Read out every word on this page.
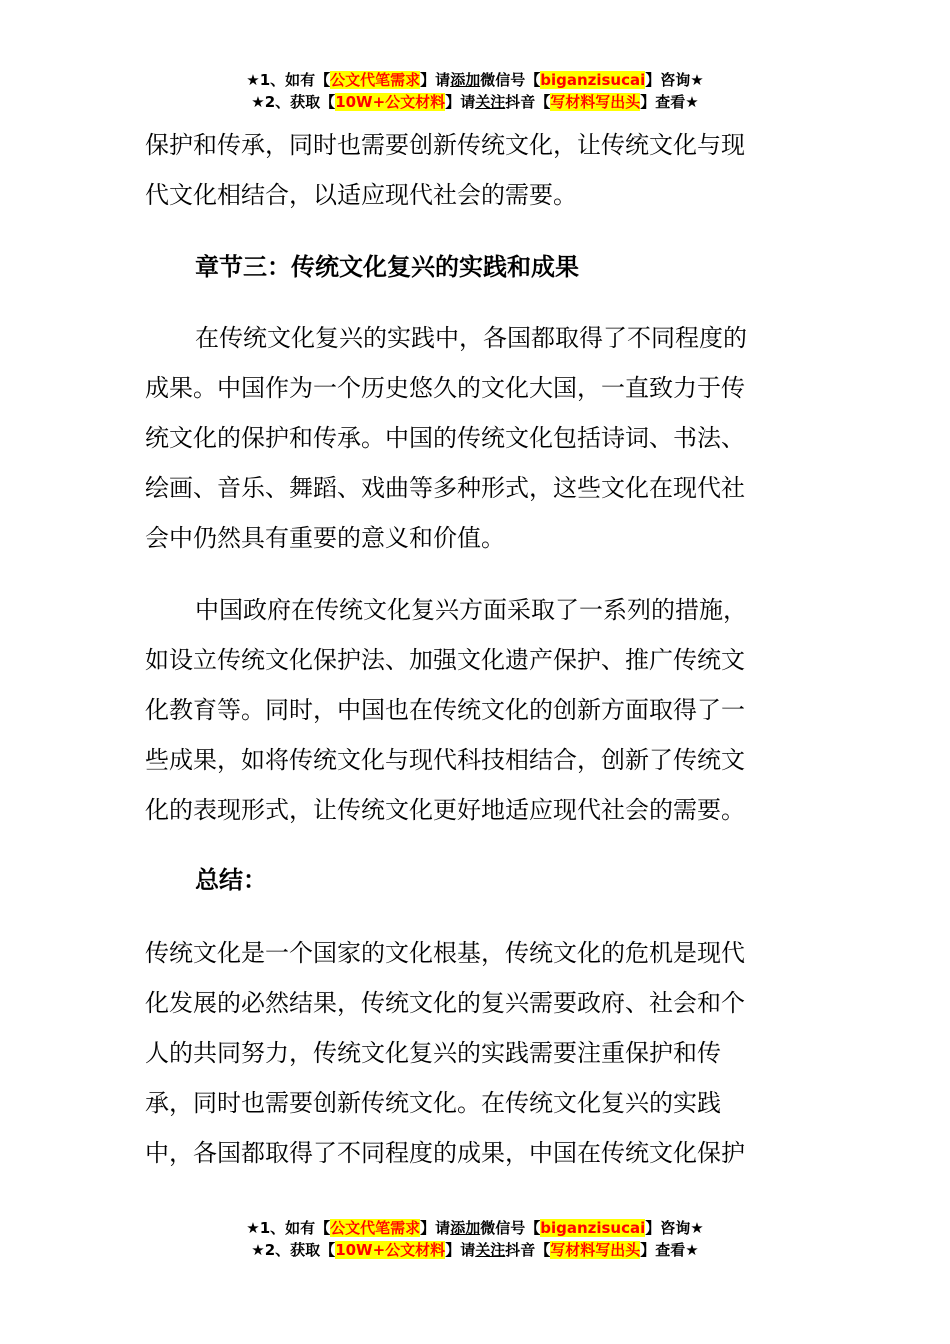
★1、如有【公文代笔需求】请添加微信号【biganzisucai】咨询★
★2、获取【10W+公文材料】请关注抖音【写材料写出头】查看★
保护和传承，同时也需要创新传统文化，让传统文化与现
代文化相结合，以适应现代社会的需要。
章节三：传统文化复兴的实践和成果
在传统文化复兴的实践中，各国都取得了不同程度的
成果。中国作为一个历史悠久的文化大国，一直致力于传
统文化的保护和传承。中国的传统文化包括诗词、书法、
绘画、音乐、舞蹈、戏曲等多种形式，这些文化在现代社
会中仍然具有重要的意义和价值。
中国政府在传统文化复兴方面采取了一系列的措施，
如设立传统文化保护法、加强文化遗产保护、推广传统文
化教育等。同时，中国也在传统文化的创新方面取得了一
些成果，如将传统文化与现代科技相结合，创新了传统文
化的表现形式，让传统文化更好地适应现代社会的需要。
总结：
传统文化是一个国家的文化根基，传统文化的危机是现代
化发展的必然结果，传统文化的复兴需要政府、社会和个
人的共同努力，传统文化复兴的实践需要注重保护和传
承，同时也需要创新传统文化。在传统文化复兴的实践
中，各国都取得了不同程度的成果，中国在传统文化保护
★1、如有【公文代笔需求】请添加微信号【biganzisucai】咨询★
★2、获取【10W+公文材料】请关注抖音【写材料写出头】查看★
